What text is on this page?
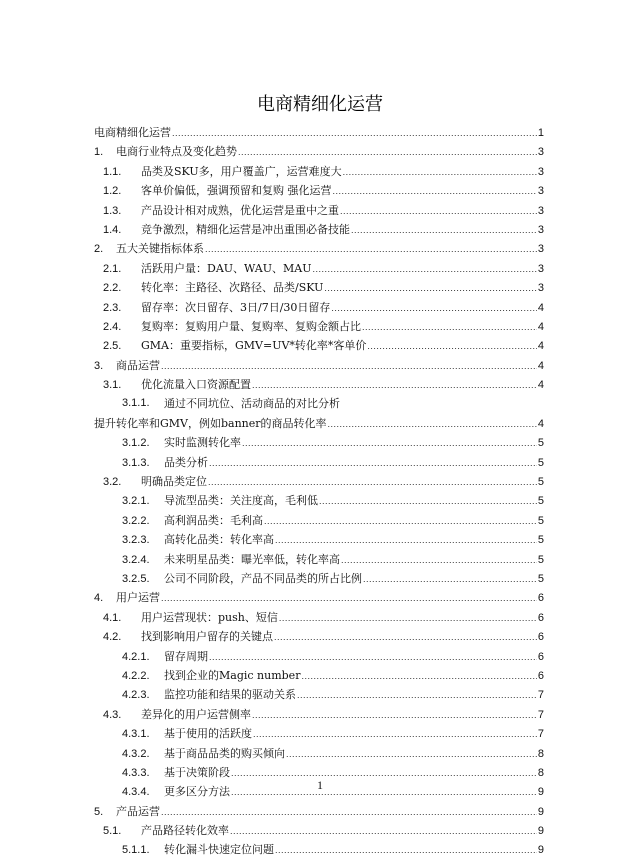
电商精细化运营
电商精细化运营 .....	1
1.	电商行业特点及变化趋势 .....	3
1.1.	品类及SKU多，用户覆盖广，运营难度大 .....	3
1.2.	客单价偏低，强调预留和复购 强化运营 .....	3
1.3.	产品设计相对成熟，优化运营是重中之重 .....	3
1.4.	竞争激烈，精细化运营是冲出重围必备技能 .....	3
2.	五大关键指标体系 .....	3
2.1.	活跃用户量：DAU、WAU、MAU .....	3
2.2.	转化率：主路径、次路径、品类/SKU .....	3
2.3.	留存率：次日留存、3日/7日/30日留存 .....	4
2.4.	复购率：复购用户量、复购率、复购金额占比 .....	4
2.5.	GMA：重要指标，GMV=UV*转化率*客单价 .....	4
3.	商品运营 .....	4
3.1.	优化流量入口资源配置 .....	4
3.1.1.	通过不同坑位、活动商品的对比分析
提升转化率和GMV，例如banner的商品转化率 .....	4
3.1.2.	实时监测转化率 .....	5
3.1.3.	品类分析 .....	5
3.2.	明确品类定位 .....	5
3.2.1.	导流型品类：关注度高，毛利低 .....	5
3.2.2.	高利润品类：毛利高 .....	5
3.2.3.	高转化品类：转化率高 .....	5
3.2.4.	未来明星品类：曝光率低，转化率高 .....	5
3.2.5.	公司不同阶段，产品不同品类的所占比例 .....	5
4.	用户运营 .....	6
4.1.	用户运营现状：push、短信 .....	6
4.2.	找到影响用户留存的关键点 .....	6
4.2.1.	留存周期 .....	6
4.2.2.	找到企业的Magic number .....	6
4.2.3.	监控功能和结果的驱动关系 .....	7
4.3.	差异化的用户运营侧率 .....	7
4.3.1.	基于使用的活跃度 .....	7
4.3.2.	基于商品品类的购买倾向 .....	8
4.3.3.	基于决策阶段 .....	8
4.3.4.	更多区分方法 .....	9
5.	产品运营 .....	9
5.1.	产品路径转化效率 .....	9
5.1.1.	转化漏斗快速定位问题 .....	9
1
